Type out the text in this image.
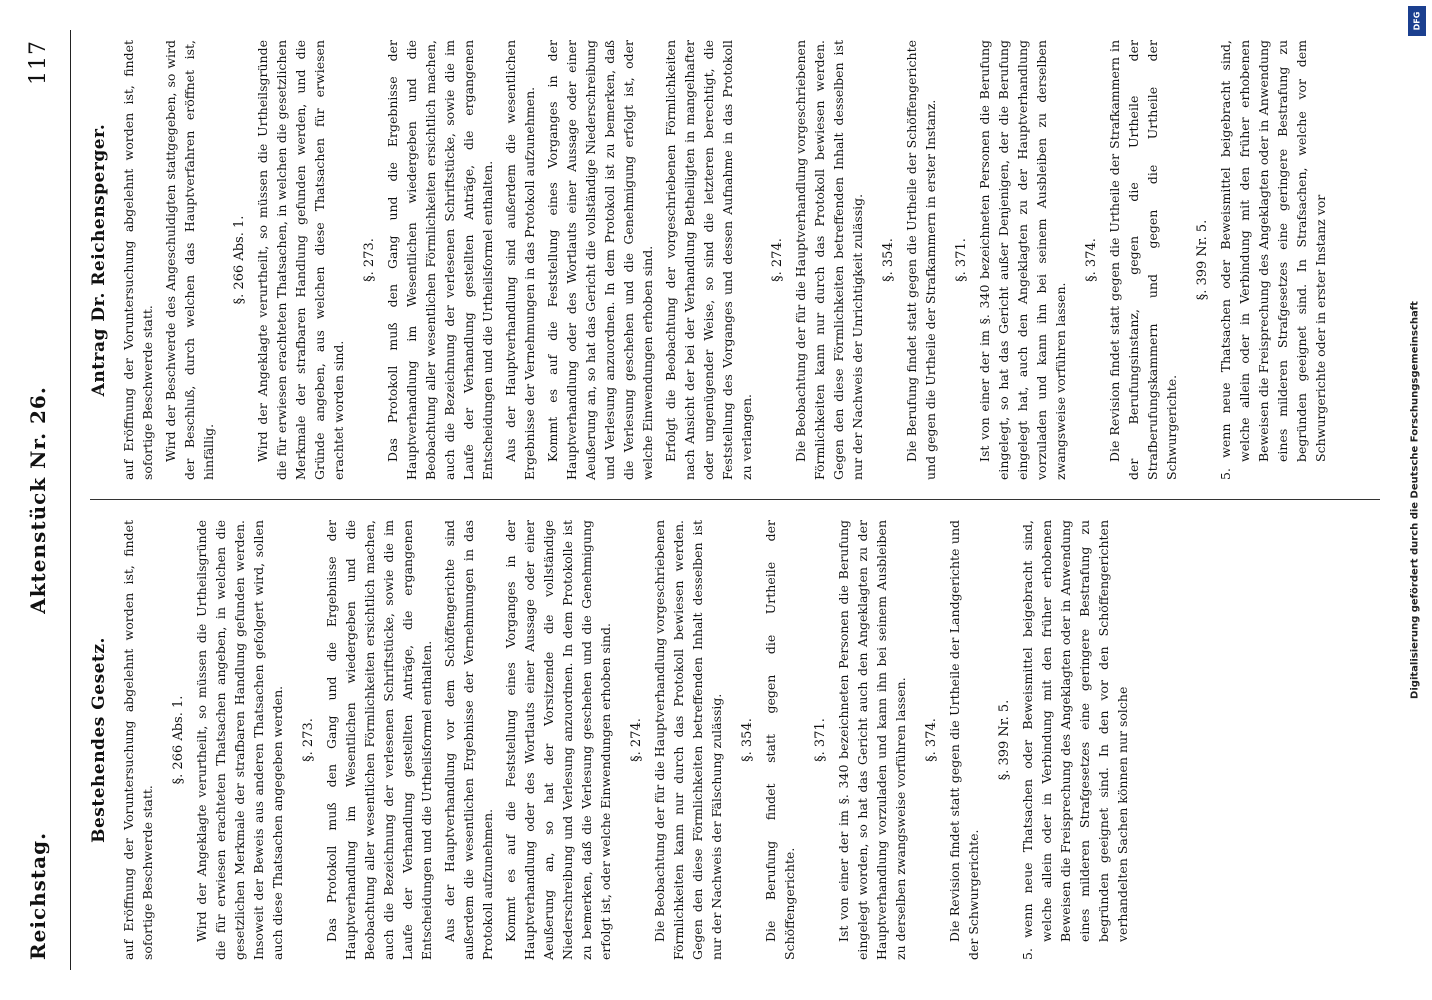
Reichstag.
Aktenstück Nr. 26.
117
Bestehendes Gesetz. auf Eröffnung der Voruntersuchung abgelehnt worden ist, findet sofortige Beschwerde statt.

§. 266 Abs. 1. Wird der Angeklagte verurtheilt, so müssen die Urtheilsgründe die für erwiesen erachteten Thatsachen angeben, in welchen die gesetzlichen Merkmale der strafbaren Handlung gefunden werden. Insoweit der Beweis aus anderen Thatsachen gefolgert wird, sollen auch diese Thatsachen angegeben werden. §. 273. Das Protokoll muß den Gang und die Ergebnisse der Hauptverhandlung im Wesentlichen wiedergeben und die Beobachtung aller wesentlichen Förmlichkeiten ersichtlich machen, auch die Bezeichnung der verlesenen Schriftstücke, sowie die im Laufe der Verhandlung gestellten Anträge, die ergangenen Entscheidungen und die Urtheilsformel enthalten. Aus der Hauptverhandlung vor dem Schöffengerichte sind außerdem die wesentlichen Ergebnisse der Vernehmungen in das Protokoll aufzunehmen. Kommt es auf die Feststellung eines Vorganges in der Hauptverhandlung oder des Wortlauts einer Aussage oder einer Aeußerung an, so hat der Vorsitzende die vollständige Niederschreibung und Verlesung anzuordnen. In dem Protokolle ist zu bemerken, daß die Verlesung geschehen und die Genehmigung erfolgt ist, oder welche Einwendungen erhoben sind. §. 274. Die Beobachtung der für die Hauptverhandlung vorgeschriebenen Förmlichkeiten kann nur durch das Protokoll bewiesen werden. Gegen den diese Förmlichkeiten betreffenden Inhalt desselben ist nur der Nachweis der Fälschung zulässig. §. 354. Die Berufung findet statt gegen die Urtheile der Schöffengerichte.

§. 371. Ist von einer der im §. 340 bezeichneten Personen die Berufung eingelegt worden, so hat das Gericht auch den Angeklagten zu der Hauptverhandlung vorzuladen und kann ihn bei seinem Ausbleiben zu derselben zwangsweise vorführen lassen. §. 374. Die Revision findet statt gegen die Urtheile der Landgerichte und der Schwurgerichte.

§. 399 Nr. 5. 5. wenn neue Thatsachen oder Beweismittel beigebracht sind, welche allein oder in Verbindung mit den früher erhobenen Beweisen die Freisprechung des Angeklagten oder in Anwendung eines milderen Strafgesetzes eine geringere Bestrafung zu begründen geeignet sind. In den vor den Schöffengerichten verhandelten Sachen können nur solche

Antrag Dr. Reichensperger. auf Eröffnung der Voruntersuchung abgelehnt worden ist, findet sofortige Beschwerde statt. Wird der Beschwerde des Angeschuldigten stattgegeben, so wird der Beschluß, durch welchen das Hauptverfahren eröffnet ist, hinfällig.

§. 266 Abs. 1. Wird der Angeklagte verurtheilt, so müssen die Urtheilsgründe die für erwiesen erachteten Thatsachen, in welchen die gesetzlichen Merkmale der strafbaren Handlung gefunden werden, und die Gründe angeben, aus welchen diese Thatsachen für erwiesen erachtet worden sind.

§. 273. Das Protokoll muß den Gang und die Ergebnisse der Hauptverhandlung im Wesentlichen wiedergeben und die Beobachtung aller wesentlichen Förmlichkeiten ersichtlich machen, auch die Bezeichnung der verlesenen Schriftstücke, sowie die im Laufe der Verhandlung gestellten Anträge, die ergangenen Entscheidungen und die Urtheilsformel enthalten. Aus der Hauptverhandlung sind außerdem die wesentlichen Ergebnisse der Vernehmungen in das Protokoll aufzunehmen. Kommt es auf die Feststellung eines Vorganges in der Hauptverhandlung oder des Wortlauts einer Aussage oder einer Aeußerung an, so hat das Gericht die vollständige Niederschreibung und Verlesung anzuordnen. In dem Protokoll ist zu bemerken, daß die Verlesung geschehen und die Genehmigung erfolgt ist, oder welche Einwendungen erhoben sind. Erfolgt die Beobachtung der vorgeschriebenen Förmlichkeiten nach Ansicht der bei der Verhandlung Betheiligten in mangelhafter oder ungenügender Weise, so sind die letzteren berechtigt, die Feststellung des Vorganges und dessen Aufnahme in das Protokoll zu verlangen.

§. 274. Die Beobachtung der für die Hauptverhandlung vorgeschriebenen Förmlichkeiten kann nur durch das Protokoll bewiesen werden. Gegen den diese Förmlichkeiten betreffenden Inhalt desselben ist nur der Nachweis der Unrichtigkeit zulässig. §. 354. Die Berufung findet statt gegen die Urtheile der Schöffengerichte und gegen die Urtheile der Strafkammern in erster Instanz. §. 371. Ist von einer der im §. 340 bezeichneten Personen die Berufung eingelegt, so hat das Gericht außer Denjenigen, der die Berufung eingelegt hat, auch den Angeklagten zu der Hauptverhandlung vorzuladen und kann ihn bei seinem Ausbleiben zu derselben zwangsweise vorführen lassen.

§. 374. Die Revision findet statt gegen die Urtheile der Strafkammern in der Berufungsinstanz, gegen die Urtheile der Strafberufungskammern und gegen die Urtheile der Schwurgerichte.

§. 399 Nr. 5. 5. wenn neue Thatsachen oder Beweismittel beigebracht sind, welche allein oder in Verbindung mit den früher erhobenen Beweisen die Freisprechung des Angeklagten oder in Anwendung eines milderen Strafgesetzes eine geringere Bestrafung zu begründen geeignet sind. In Strafsachen, welche vor dem Schwurgerichte oder in erster Instanz vor	Digitalisierung gefördert durch die Deutsche Forschungsgemeinschaft
DFG
